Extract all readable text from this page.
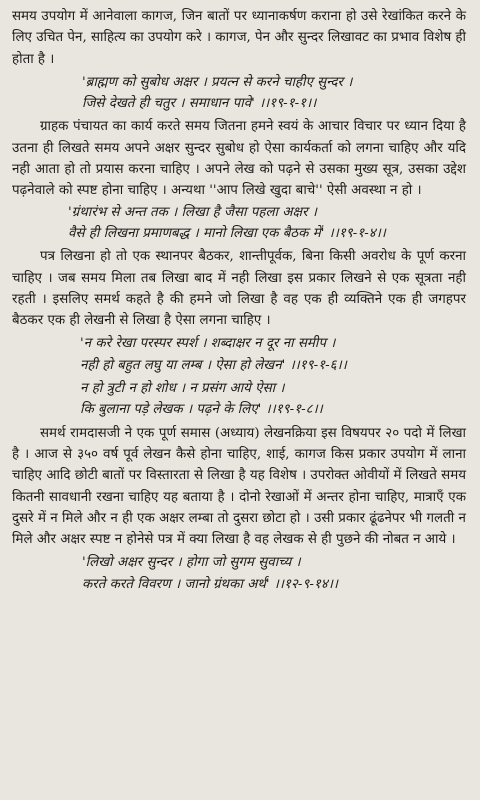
समय उपयोग में आनेवाला कागज, जिन बातों पर ध्यानाकर्षण कराना हो उसे रेखांकित करने के लिए उचित पेन, साहित्य का उपयोग करे । कागज, पेन और सुन्दर लिखावट का प्रभाव विशेष ही होता है ।

'ब्राह्मण को सुबोध अक्षर । प्रयत्न से करने चाहीए सुन्दर ।

जिसे देखते ही चतुर । समाधान पावे' ।।१९-१-१।।

ग्राहक पंचायत का कार्य करते समय जितना हमने स्वयं के आचार विचार पर ध्यान दिया है उतना ही लिखते समय अपने अक्षर सुन्दर सुबोध हो ऐसा कार्यकर्ता को लगना चाहिए और यदि नही आता हो तो प्रयास करना चाहिए । अपने लेख को पढ़ने से उसका मुख्य सूत्र, उसका उद्देश पढ़नेवाले को स्पष्ट होना चाहिए । अन्यथा ''आप लिखे खुदा बाचे'' ऐसी अवस्था न हो ।

'ग्रंथारंभ से अन्त तक । लिखा है जैसा पहला अक्षर ।

वैसे ही लिखना प्रमाणबद्ध । मानो लिखा एक बैठक में' ।।१९-१-४।।

पत्र लिखना हो तो एक स्थानपर बैठकर, शान्तीपूर्वक, बिना किसी अवरोध के पूर्ण करना चाहिए । जब समय मिला तब लिखा बाद में नही लिखा इस प्रकार लिखने से एक सूत्रता नही रहती । इसलिए समर्थ कहते है की हमने जो लिखा है वह एक ही व्यक्तिने एक ही जगहपर बैठकर एक ही लेखनी से लिखा है ऐसा लगना चाहिए ।

'न करे रेखा परस्पर स्पर्श । शब्दाक्षर न दूर ना समीप ।

नही हो बहुत लघु या लम्ब । ऐसा हो लेखन' ।।१९-१-६।।

न हो त्रुटी न हो शोध । न प्रसंग आये ऐसा ।

कि बुलाना पड़े लेखक । पढ़ने के लिए' ।।१९-१-८।।

समर्थ रामदासजी ने एक पूर्ण समास (अध्याय) लेखनक्रिया इस विषयपर २० पदो में लिखा है । आज से ३५० वर्ष पूर्व लेखन कैसे होना चाहिए, शाई, कागज किस प्रकार उपयोग में लाना चाहिए आदि छोटी बातों पर विस्तारता से लिखा है यह विशेष । उपरोक्त ओवीयों में लिखते समय कितनी सावधानी रखना चाहिए यह बताया है । दोनो रेखाओं में अन्तर होना चाहिए, मात्राएँ एक दुसरे में न मिले और न ही एक अक्षर लम्बा तो दुसरा छोटा हो । उसी प्रकार ढूंढनेपर भी गलती न मिले और अक्षर स्पष्ट न होनेसे पत्र में क्या लिखा है वह लेखक से ही पुछने की नोबत न आये ।

'लिखो अक्षर सुन्दर । होगा जो सुगम सुवाच्य ।

करते करते विवरण । जानो ग्रंथका अर्थ' ।।१२-९-१४।।
